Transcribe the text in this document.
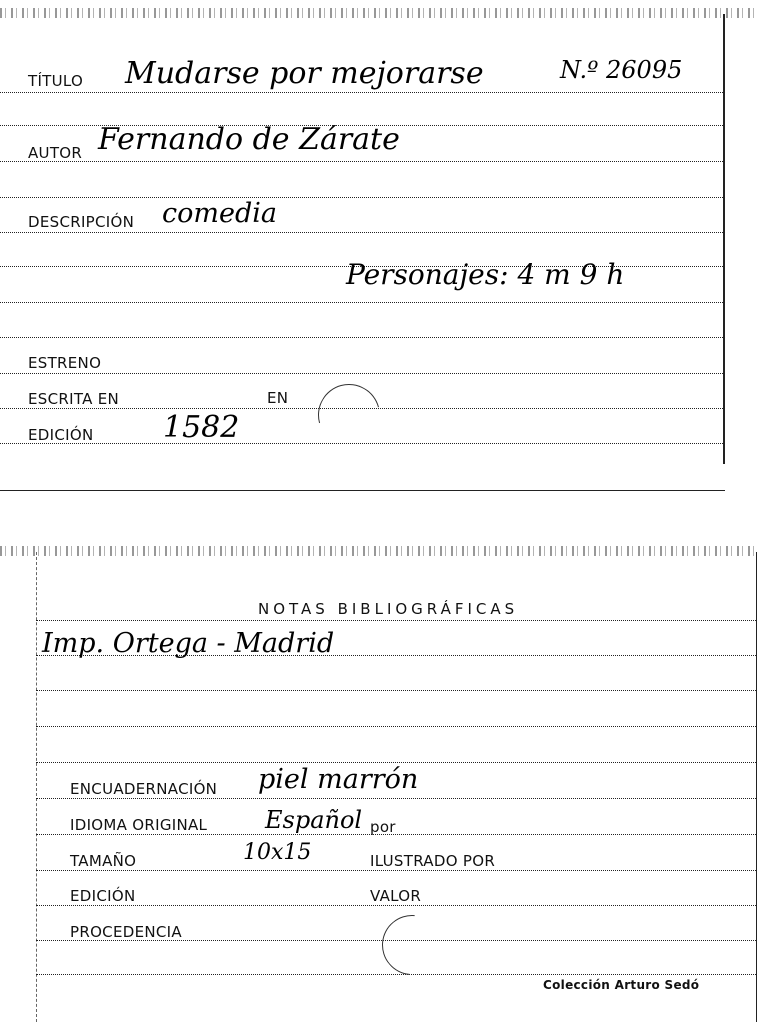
TÍTULO Mudarse por mejorarse	N.º 26095
AUTOR Fernando de Zárate
DESCRIPCIÓN comedia
Personajes: 4 m 9 h
ESTRENO
ESCRITA EN	EN
EDICIÓN 1582
NOTAS BIBLIOGRÁFICAS
Imp. Ortega - Madrid
ENCUADERNACIÓN piel marrón
IDIOMA ORIGINAL Español por
TAMAÑO	10x15	ILUSTRADO POR
EDICIÓN	VALOR
PROCEDENCIA
Colección Arturo Sedó
